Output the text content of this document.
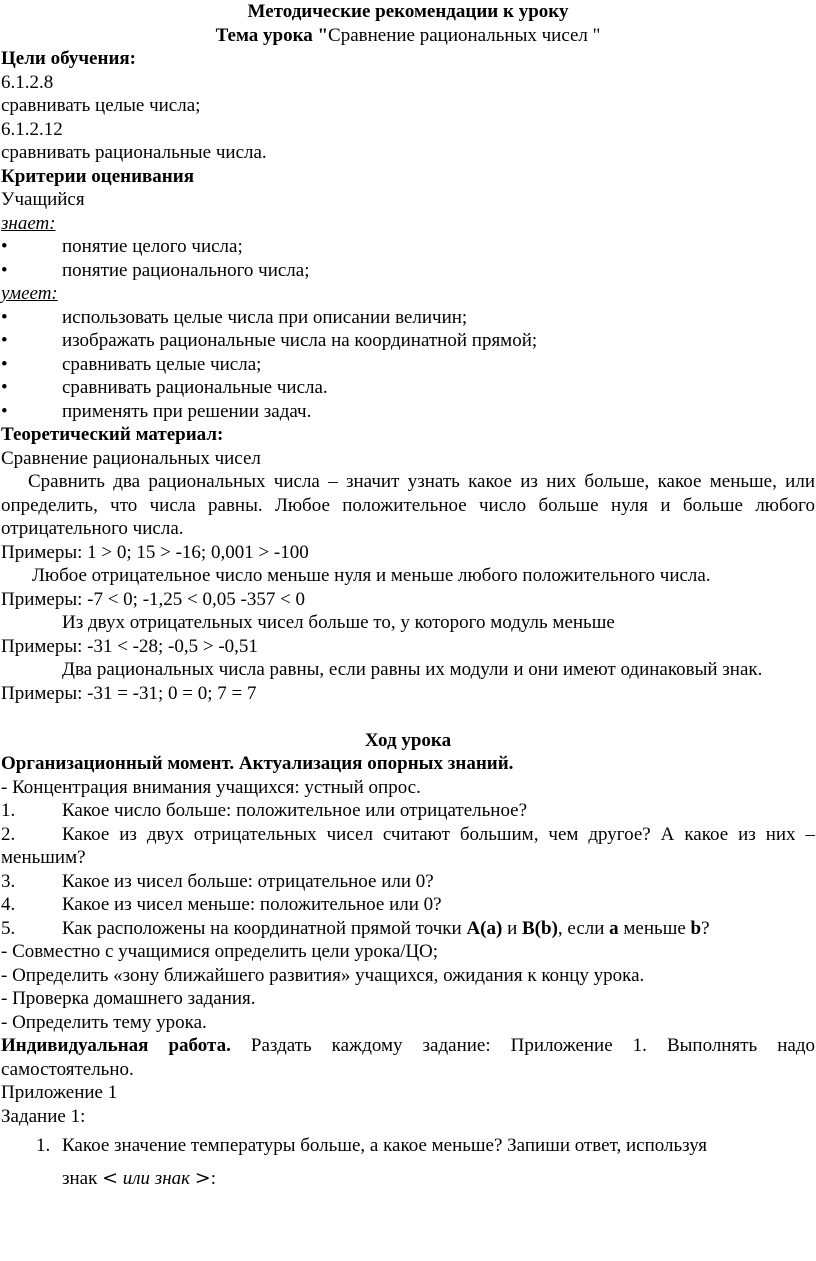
Методические рекомендации к уроку
Тема урока "Сравнение рациональных чисел "
Цели обучения:
6.1.2.8
сравнивать целые числа;
6.1.2.12
сравнивать рациональные числа.
Критерии оценивания
Учащийся
знает:
•	понятие целого числа;
•	понятие рационального числа;
умеет:
•	использовать целые числа при описании величин;
•	изображать рациональные числа на координатной прямой;
•	сравнивать целые числа;
•	сравнивать рациональные числа.
•	применять при решении задач.
Теоретический материал:
Сравнение рациональных чисел
Сравнить два рациональных числа – значит узнать какое из них больше, какое меньше, или определить, что числа равны. Любое положительное число больше нуля и больше любого отрицательного числа.
Примеры: 1 > 0; 15 > -16; 0,001 > -100
Любое отрицательное число меньше нуля и меньше любого положительного числа.
Примеры: -7 < 0; -1,25 < 0,05 -357 < 0
Из двух отрицательных чисел больше то, у которого модуль меньше
Примеры: -31 < -28; -0,5 > -0,51
Два рациональных числа равны, если равны их модули и они имеют одинаковый знак.
Примеры: -31 = -31; 0 = 0; 7 = 7
Ход урока
Организационный момент. Актуализация опорных знаний.
- Концентрация внимания учащихся: устный опрос.
1. Какое число больше: положительное или отрицательное?
2.	Какое из двух отрицательных чисел считают большим, чем другое? А какое из них – меньшим?
3. Какое из чисел больше: отрицательное или 0?
4. Какое из чисел меньше: положительное или 0?
5. Как расположены на координатной прямой точки A(a) и B(b), если a меньше b?
- Совместно с учащимися определить цели урока/ЦО;
- Определить «зону ближайшего развития» учащихся, ожидания к концу урока.
- Проверка домашнего задания.
- Определить тему урока.
Индивидуальная работа. Раздать каждому задание: Приложение 1. Выполнять надо самостоятельно.
Приложение 1
Задание 1:
1. Какое значение температуры больше, а какое меньше? Запиши ответ, используя
знак < или знак >:
